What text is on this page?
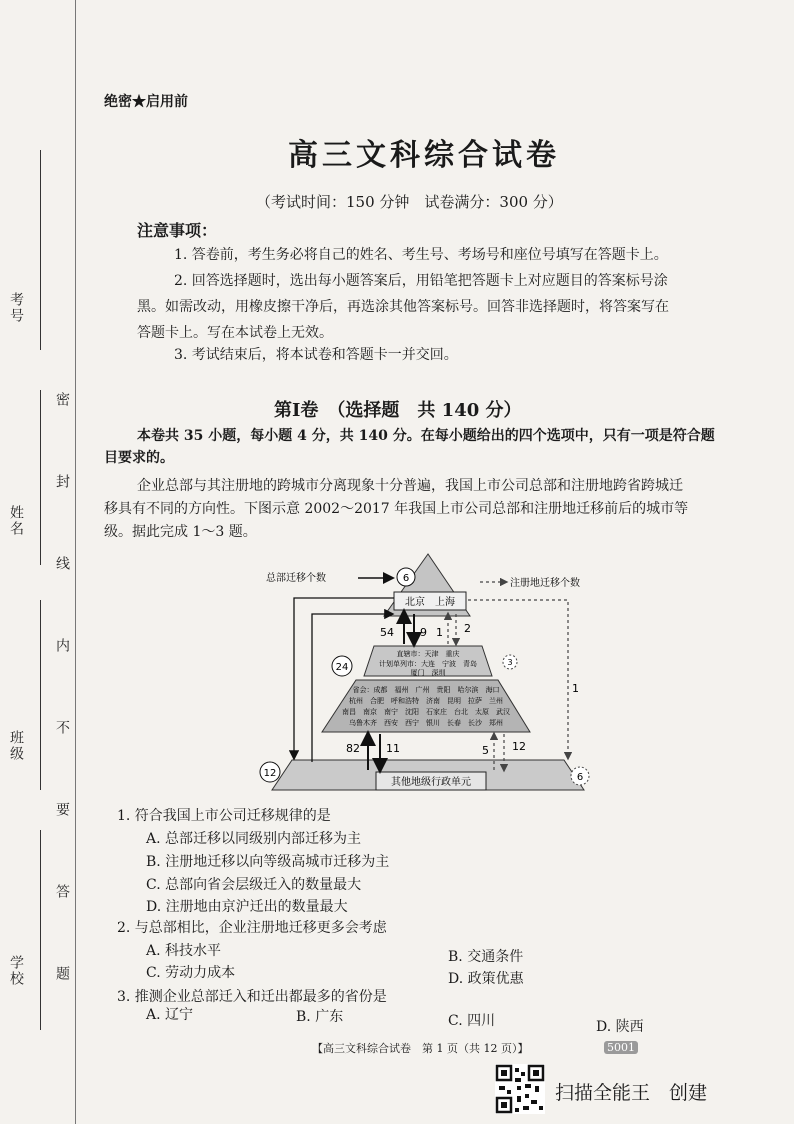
考号
姓名
班级
学校 密　封　线　内　不　要　答　题
绝密★启用前
高三文科综合试卷
（考试时间：150 分钟　试卷满分：300 分）
注意事项：
1. 答卷前，考生务必将自己的姓名、考生号、考场号和座位号填写在答题卡上。
2. 回答选择题时，选出每小题答案后，用铅笔把答题卡上对应题目的答案标号涂
黑。如需改动，用橡皮擦干净后，再选涂其他答案标号。回答非选择题时，将答案写在
答题卡上。写在本试卷上无效。
3. 考试结束后，将本试卷和答题卡一并交回。
第Ⅰ卷　（选择题　共 140 分）
本卷共 35 小题，每小题 4 分，共 140 分。在每小题给出的四个选项中，只有一项是符合题
目要求的。
企业总部与其注册地的跨城市分离现象十分普遍，我国上市公司总部和注册地跨省跨城迁
移具有不同的方向性。下图示意 2002～2017 年我国上市公司总部和注册地迁移前后的城市等
级。据此完成 1～3 题。
总部迁移个数	注册地迁移个数
北京　上海
6
24	3
直辖市：天津　重庆
计划单列市：大连　宁波　青岛
厦门　深圳
省会：成都　福州　广州　贵阳　哈尔滨　海口
杭州　合肥　呼和浩特　济南　昆明　拉萨　兰州
南昌　南京　南宁　沈阳　石家庄　台北　太原　武汉
乌鲁木齐　西安　西宁　银川　长春　长沙　郑州
其他地级行政单元
12	6
54 9 1 2
82 11	5 12
1
1. 符合我国上市公司迁移规律的是
A. 总部迁移以同级别内部迁移为主
B. 注册地迁移以向等级高城市迁移为主
C. 总部向省会层级迁入的数量最大
D. 注册地由京沪迁出的数量最大
2. 与总部相比，企业注册地迁移更多会考虑
A. 科技水平	B. 交通条件
C. 劳动力成本	D. 政策优惠
3. 推测企业总部迁入和迁出都最多的省份是
A. 辽宁	B. 广东	C. 四川	D. 陕西
【高三文科综合试卷　第 1 页（共 12 页）】	5001
扫描全能王　创建
